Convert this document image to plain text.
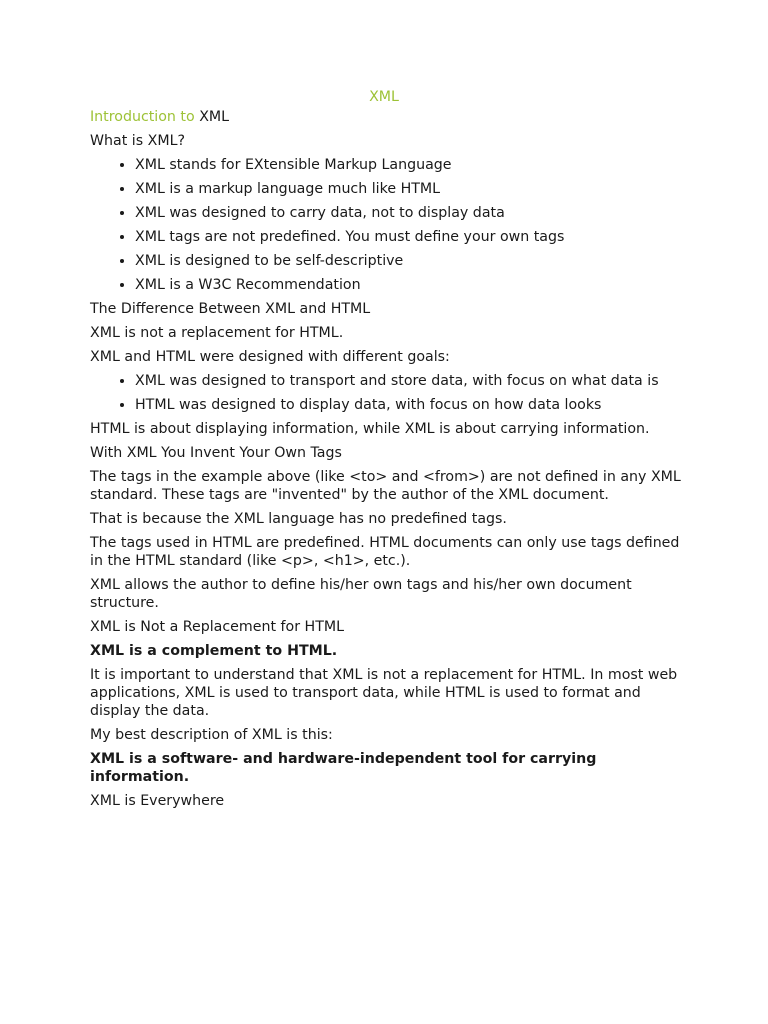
XML
Introduction to XML

What is XML?

• XML stands for EXtensible Markup Language
• XML is a markup language much like HTML
• XML was designed to carry data, not to display data
• XML tags are not predefined. You must define your own tags
• XML is designed to be self-descriptive
• XML is a W3C Recommendation

The Difference Between XML and HTML

XML is not a replacement for HTML.

XML and HTML were designed with different goals:

• XML was designed to transport and store data, with focus on what data is
• HTML was designed to display data, with focus on how data looks

HTML is about displaying information, while XML is about carrying information.

With XML You Invent Your Own Tags

The tags in the example above (like <to> and <from>) are not defined in any XML standard. These tags are "invented" by the author of the XML document.

That is because the XML language has no predefined tags.

The tags used in HTML are predefined. HTML documents can only use tags defined in the HTML standard (like <p>, <h1>, etc.).

XML allows the author to define his/her own tags and his/her own document structure.

XML is Not a Replacement for HTML

XML is a complement to HTML.

It is important to understand that XML is not a replacement for HTML. In most web applications, XML is used to transport data, while HTML is used to format and display the data.

My best description of XML is this:

XML is a software- and hardware-independent tool for carrying information.

XML is Everywhere
